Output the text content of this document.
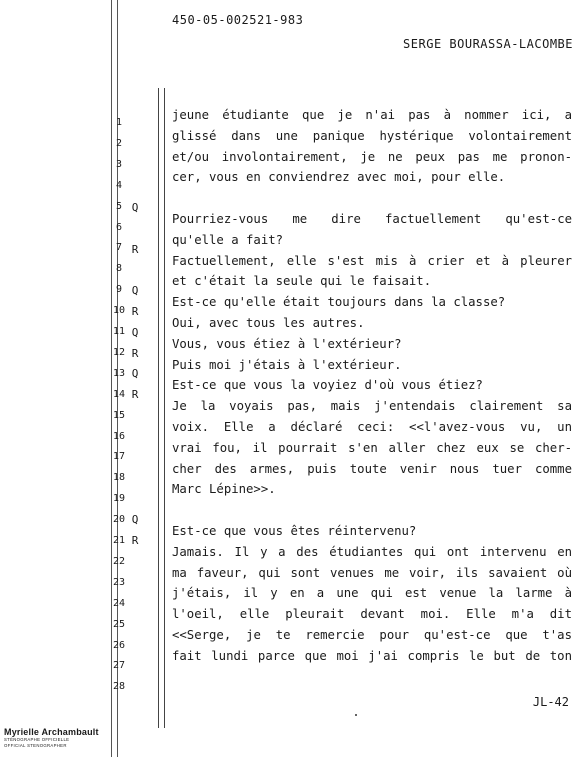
450-05-002521-983
SERGE BOURASSA-LACOMBE
1
jeune étudiante que je n'ai pas à nommer ici, a
2
glissé dans une panique hystérique volontairement
3
et/ou involontairement, je ne peux pas me pronon-
4
cer, vous en conviendrez avec moi, pour elle.
5
6
Q
Pourriez-vous me dire factuellement qu'est-ce
7
qu'elle a fait?
8
R
Factuellement, elle s'est mis à crier et à pleurer
9
et c'était la seule qui le faisait.
10
Q
Est-ce qu'elle était toujours dans la classe?
11
R
Oui, avec tous les autres.
12
Q
Vous, vous étiez à l'extérieur?
13
R
Puis moi j'étais à l'extérieur.
14
Q
Est-ce que vous la voyiez d'où vous étiez?
15
R
Je la voyais pas, mais j'entendais clairement sa
16
voix. Elle a déclaré ceci: <<l'avez-vous vu, un
17
vrai fou, il pourrait s'en aller chez eux se cher-
18
cher des armes, puis toute venir nous tuer comme
19
Marc Lépine>>.
20
21
Q
Est-ce que vous êtes réintervenu?
22
R
Jamais. Il y a des étudiantes qui ont intervenu en
23
ma faveur, qui sont venues me voir, ils savaient où
24
j'étais, il y en a une qui est venue la larme à
25
l'oeil, elle pleurait devant moi. Elle m'a dit
26
<<Serge, je te remercie pour qu'est-ce que t'as
27
fait lundi parce que moi j'ai compris le but de ton
28
JL-42
Myrielle Archambault
STÉNOGRAPHE OFFICIELLE
OFFICIAL STENOGRAPHER
